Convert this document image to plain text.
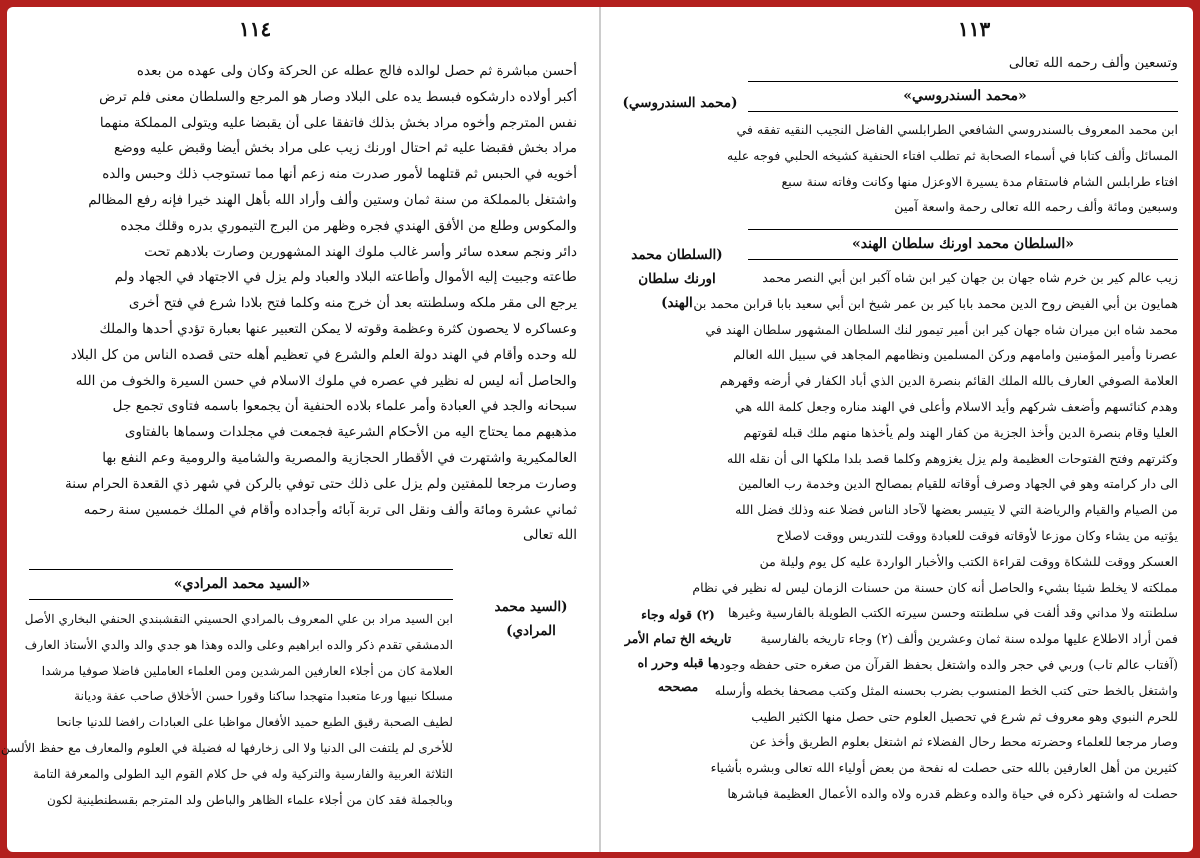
١١٤
أحسن مباشرة ثم حصل لوالده فالج عطله عن الحركة وكان ولى عهده من بعده
أكبر أولاده دارشكوه فبسط يده على البلاد وصار هو المرجع والسلطان معنى فلم ترض
نفس المترجم وأخوه مراد بخش بذلك فاتفقا على أن يقبضا عليه ويتولى المملكة منهما
مراد بخش فقبضا عليه ثم احتال اورنك زيب على مراد بخش أيضا وقبض عليه ووضع
أخويه في الحبس ثم قتلهما لأمور صدرت منه زعم أنها مما تستوجب ذلك وحبس والده
واشتغل بالمملكة من سنة ثمان وستين وألف وأراد الله بأهل الهند خيرا فإنه رفع المظالم
والمكوس وطلع من الأفق الهندي فجره وظهر من البرج التيموري بدره وقلك مجده
دائر ونجم سعده سائر وأسر غالب ملوك الهند المشهورين وصارت بلادهم تحت
طاعته وجبيت إليه الأموال وأطاعته البلاد والعباد ولم يزل في الاجتهاد في الجهاد ولم
يرجع الى مقر ملكه وسلطنته بعد أن خرج منه وكلما فتح بلادا شرع في فتح أخرى
وعساكره لا يحصون كثرة وعظمة وقوته لا يمكن التعبير عنها بعبارة تؤدي أحدها والملك
لله وحده وأقام في الهند دولة العلم والشرع في تعظيم أهله حتى قصده الناس من كل البلاد
والحاصل أنه ليس له نظير في عصره في ملوك الاسلام في حسن السيرة والخوف من الله
سبحانه والجد في العبادة وأمر علماء بلاده الحنفية أن يجمعوا باسمه فتاوى تجمع جل
مذهبهم مما يحتاج اليه من الأحكام الشرعية فجمعت في مجلدات وسماها بالفتاوى
العالمكيرية واشتهرت في الأقطار الحجازية والمصرية والشامية والرومية وعم النفع بها
وصارت مرجعا للمفتين ولم يزل على ذلك حتى توفي بالركن في شهر ذي القعدة الحرام سنة
ثماني عشرة ومائة وألف ونقل الى تربة آبائه وأجداده وأقام في الملك خمسين سنة رحمه
الله تعالى
«السيد محمد المرادي»
(السيد محمد المرادي)
ابن السيد مراد بن علي المعروف بالمرادي الحسيني النقشبندي الحنفي البخاري الأصل
الدمشقي تقدم ذكر والده ابراهيم وعلى والده وهذا هو جدي والد والدي الأستاذ العارف
العلامة كان من أجلاء العارفين المرشدين ومن العلماء العاملين فاضلا صوفيا مرشدا
مسلكا نبيها ورعا متعبدا متهجدا ساكنا وقورا حسن الأخلاق صاحب عفة وديانة
لطيف الصحبة رقيق الطبع حميد الأفعال مواظبا على العبادات رافضا للدنيا جانحا
للأخرى لم يلتفت الى الدنيا ولا الى زخارفها له فضيلة في العلوم والمعارف مع حفظ الألسن
الثلاثة العربية والفارسية والتركية وله في حل كلام القوم اليد الطولى والمعرفة التامة
وبالجملة فقد كان من أجلاء علماء الظاهر والباطن ولد المترجم بقسطنطينية لكون
١١٣
وتسعين وألف رحمه الله تعالى
«محمد السندروسي»
(محمد السندروسي)
ابن محمد المعروف بالسندروسي الشافعي الطرابلسي الفاضل النجيب النقيه تفقه في
المسائل وألف كتابا في أسماء الصحابة ثم تطلب افتاء الحنفية كشيخه الحلبي فوجه عليه
افتاء طرابلس الشام فاستقام مدة يسيرة الاوعزل منها وكانت وفاته سنة سبع
وسبعين ومائة وألف رحمه الله تعالى رحمة واسعة آمين
«السلطان محمد اورنك سلطان الهند»
(السلطان محمد اورنك سلطان الهند)
(٢) قوله وجاء تاريخه الخ تمام الأمر ما قبله وحرر اه مصححه
زيب عالم كير بن خرم شاه جهان بن جهان كير ابن شاه آكبر ابن أبي النصر محمد
همايون بن أبي الفيض روح الدين محمد بابا كير بن عمر شيخ ابن أبي سعيد بابا قرابن محمد بن
محمد شاه ابن ميران شاه جهان كير ابن أمير تيمور لنك السلطان المشهور سلطان الهند في
عصرنا وأمير المؤمنين وامامهم وركن المسلمين ونظامهم المجاهد في سبيل الله العالم
العلامة الصوفي العارف بالله الملك القائم بنصرة الدين الذي أباد الكفار في أرضه وقهرهم
وهدم كنائسهم وأضعف شركهم وأيد الاسلام وأعلى في الهند مناره وجعل كلمة الله هي
العليا وقام بنصرة الدين وأخذ الجزية من كفار الهند ولم يأخذها منهم ملك قبله لقوتهم
وكثرتهم وفتح الفتوحات العظيمة ولم يزل يغزوهم وكلما قصد بلدا ملكها الى أن نقله الله
الى دار كرامته وهو في الجهاد وصرف أوقاته للقيام بمصالح الدين وخدمة رب العالمين
من الصيام والقيام والرياضة التي لا يتيسر بعضها لآحاد الناس فضلا عنه وذلك فضل الله
يؤتيه من يشاء وكان موزعا لأوقاته فوقت للعبادة ووقت للتدريس ووقت لاصلاح
العسكر ووقت للشكاة ووقت لقراءة الكتب والأخبار الواردة عليه كل يوم وليلة من
مملكته لا يخلط شيئا بشيء والحاصل أنه كان حسنة من حسنات الزمان ليس له نظير في نظام
سلطنته ولا مداني وقد ألفت في سلطنته وحسن سيرته الكتب الطويلة بالفارسية وغيرها
فمن أراد الاطلاع عليها مولده سنة ثمان وعشرين وألف (٢) وجاء تاريخه بالفارسية
(آفتاب عالم تاب) وربي في حجر والده واشتغل بحفظ القرآن من صغره حتى حفظه وجوده
واشتغل بالخط حتى كتب الخط المنسوب بضرب بحسنه المثل وكتب مصحفا بخطه وأرسله
للحرم النبوي وهو معروف ثم شرع في تحصيل العلوم حتى حصل منها الكثير الطيب
وصار مرجعا للعلماء وحضرته محط رحال الفضلاء ثم اشتغل بعلوم الطريق وأخذ عن
كثيرين من أهل العارفين بالله حتى حصلت له نفحة من بعض أولياء الله تعالى وبشره بأشياء
حصلت له واشتهر ذكره في حياة والده وعظم قدره ولاه والده الأعمال العظيمة فباشرها
